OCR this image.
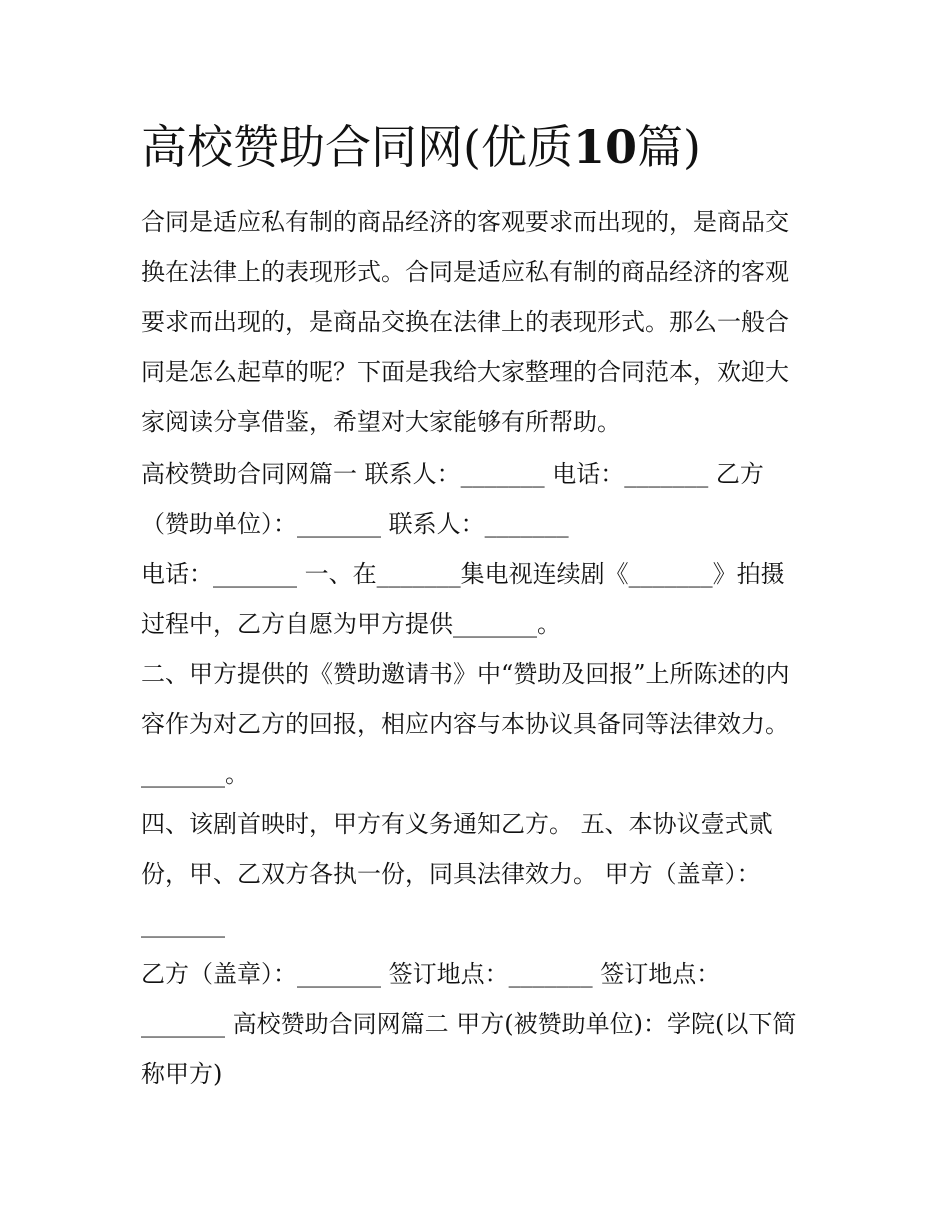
高校赞助合同网(优质10篇)
合同是适应私有制的商品经济的客观要求而出现的，是商品交
换在法律上的表现形式。合同是适应私有制的商品经济的客观
要求而出现的，是商品交换在法律上的表现形式。那么一般合
同是怎么起草的呢？下面是我给大家整理的合同范本，欢迎大
家阅读分享借鉴，希望对大家能够有所帮助。
高校赞助合同网篇一 联系人：_______ 电话：_______ 乙方
（赞助单位）：_______ 联系人：_______
电话：_______ 一、在_______集电视连续剧《_______》拍摄
过程中，乙方自愿为甲方提供_______。
二、甲方提供的《赞助邀请书》中“赞助及回报”上所陈述的内
容作为对乙方的回报，相应内容与本协议具备同等法律效力。
_______。
四、该剧首映时，甲方有义务通知乙方。 五、本协议壹式贰
份，甲、乙双方各执一份，同具法律效力。 甲方（盖章）：
_______
乙方（盖章）：_______ 签订地点：_______ 签订地点：
_______ 高校赞助合同网篇二 甲方(被赞助单位)：学院(以下简
称甲方)
